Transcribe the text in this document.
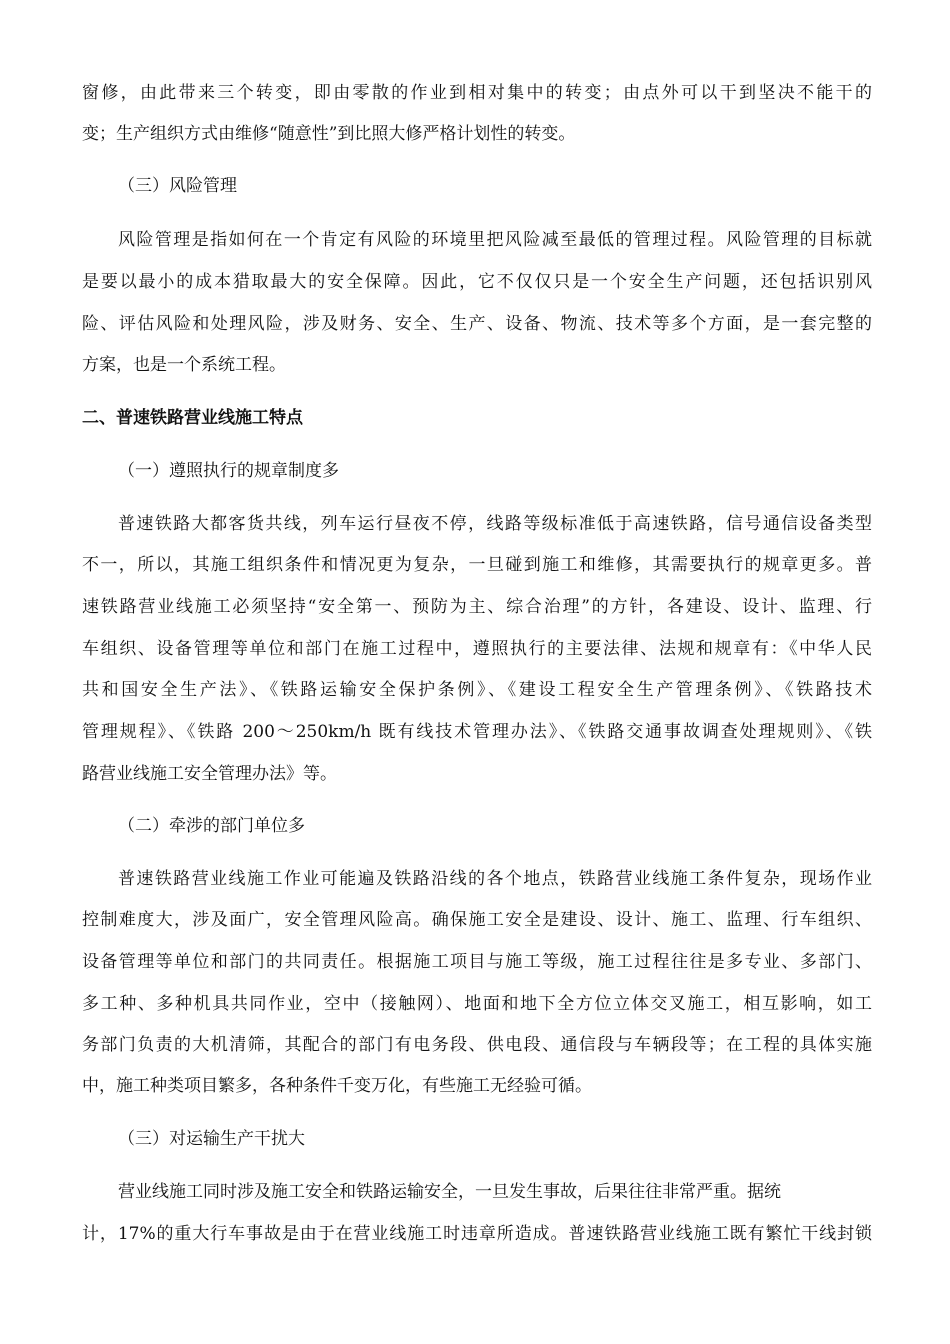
窗修，由此带来三个转变，即由零散的作业到相对集中的转变；由点外可以干到坚决不能干的
变；生产组织方式由维修“随意性”到比照大修严格计划性的转变。
（三）风险管理
风险管理是指如何在一个肯定有风险的环境里把风险减至最低的管理过程。风险管理的目标就
是要以最小的成本猎取最大的安全保障。因此，它不仅仅只是一个安全生产问题，还包括识别风
险、评估风险和处理风险，涉及财务、安全、生产、设备、物流、技术等多个方面，是一套完整的
方案，也是一个系统工程。
二、普速铁路营业线施工特点
（一）遵照执行的规章制度多
普速铁路大都客货共线，列车运行昼夜不停，线路等级标准低于高速铁路，信号通信设备类型
不一，所以，其施工组织条件和情况更为复杂，一旦碰到施工和维修，其需要执行的规章更多。普
速铁路营业线施工必须坚持“安全第一、预防为主、综合治理”的方针，各建设、设计、监理、行
车组织、设备管理等单位和部门在施工过程中，遵照执行的主要法律、法规和规章有：《中华人民
共和国安全生产法》、《铁路运输安全保护条例》、《建设工程安全生产管理条例》、《铁路技术
管理规程》、《铁路 200～250km/h 既有线技术管理办法》、《铁路交通事故调查处理规则》、《铁
路营业线施工安全管理办法》等。
（二）牵涉的部门单位多
普速铁路营业线施工作业可能遍及铁路沿线的各个地点，铁路营业线施工条件复杂，现场作业
控制难度大，涉及面广，安全管理风险高。确保施工安全是建设、设计、施工、监理、行车组织、
设备管理等单位和部门的共同责任。根据施工项目与施工等级，施工过程往往是多专业、多部门、
多工种、多种机具共同作业，空中（接触网）、地面和地下全方位立体交叉施工，相互影响，如工
务部门负责的大机清筛，其配合的部门有电务段、供电段、通信段与车辆段等；在工程的具体实施
中，施工种类项目繁多，各种条件千变万化，有些施工无经验可循。
（三）对运输生产干扰大
营业线施工同时涉及施工安全和铁路运输安全，一旦发生事故，后果往往非常严重。据统
计，17%的重大行车事故是由于在营业线施工时违章所造成。普速铁路营业线施工既有繁忙干线封锁
